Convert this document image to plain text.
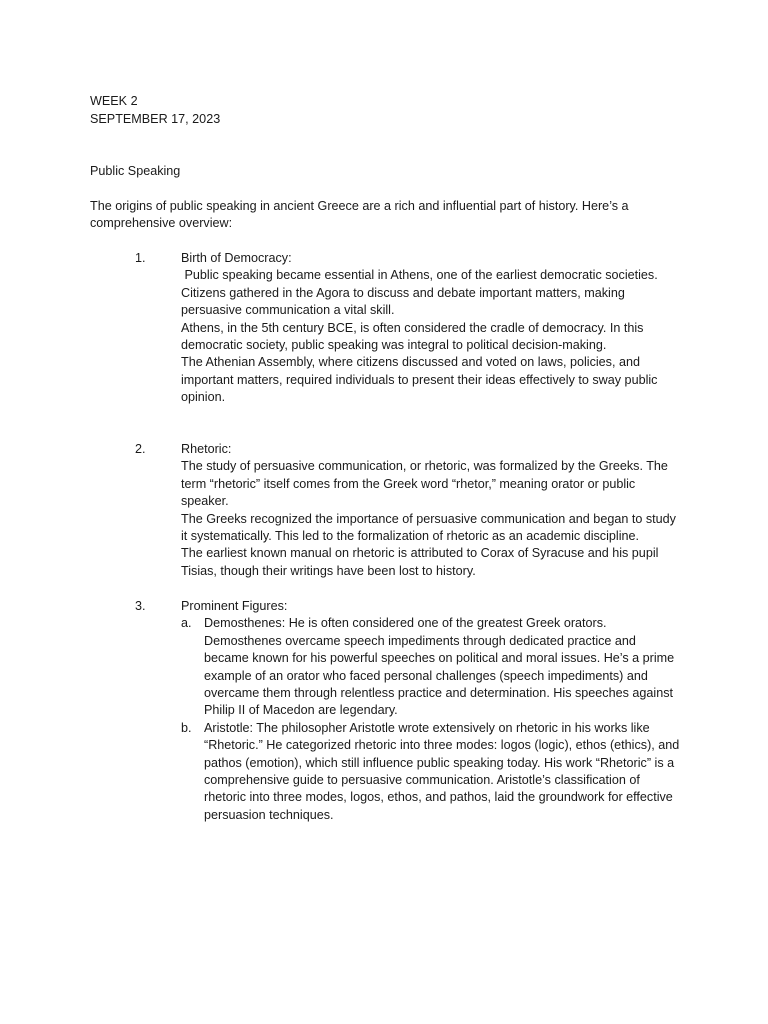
WEEK 2
SEPTEMBER 17, 2023
Public Speaking
The origins of public speaking in ancient Greece are a rich and influential part of history. Here’s a comprehensive overview:
1.	Birth of Democracy:

Public speaking became essential in Athens, one of the earliest democratic societies. Citizens gathered in the Agora to discuss and debate important matters, making persuasive communication a vital skill.

Athens, in the 5th century BCE, is often considered the cradle of democracy. In this democratic society, public speaking was integral to political decision-making.

The Athenian Assembly, where citizens discussed and voted on laws, policies, and important matters, required individuals to present their ideas effectively to sway public opinion.

2.	Rhetoric:

The study of persuasive communication, or rhetoric, was formalized by the Greeks. The term “rhetoric” itself comes from the Greek word “rhetor,” meaning orator or public speaker.

The Greeks recognized the importance of persuasive communication and began to study it systematically. This led to the formalization of rhetoric as an academic discipline.

The earliest known manual on rhetoric is attributed to Corax of Syracuse and his pupil Tisias, though their writings have been lost to history.

3.	Prominent Figures:

a. Demosthenes: He is often considered one of the greatest Greek orators. Demosthenes overcame speech impediments through dedicated practice and became known for his powerful speeches on political and moral issues. He’s a prime example of an orator who faced personal challenges (speech impediments) and overcame them through relentless practice and determination. His speeches against Philip II of Macedon are legendary.

b. Aristotle: The philosopher Aristotle wrote extensively on rhetoric in his works like “Rhetoric.” He categorized rhetoric into three modes: logos (logic), ethos (ethics), and pathos (emotion), which still influence public speaking today. His work “Rhetoric” is a comprehensive guide to persuasive communication. Aristotle’s classification of rhetoric into three modes, logos, ethos, and pathos, laid the groundwork for effective persuasion techniques.
